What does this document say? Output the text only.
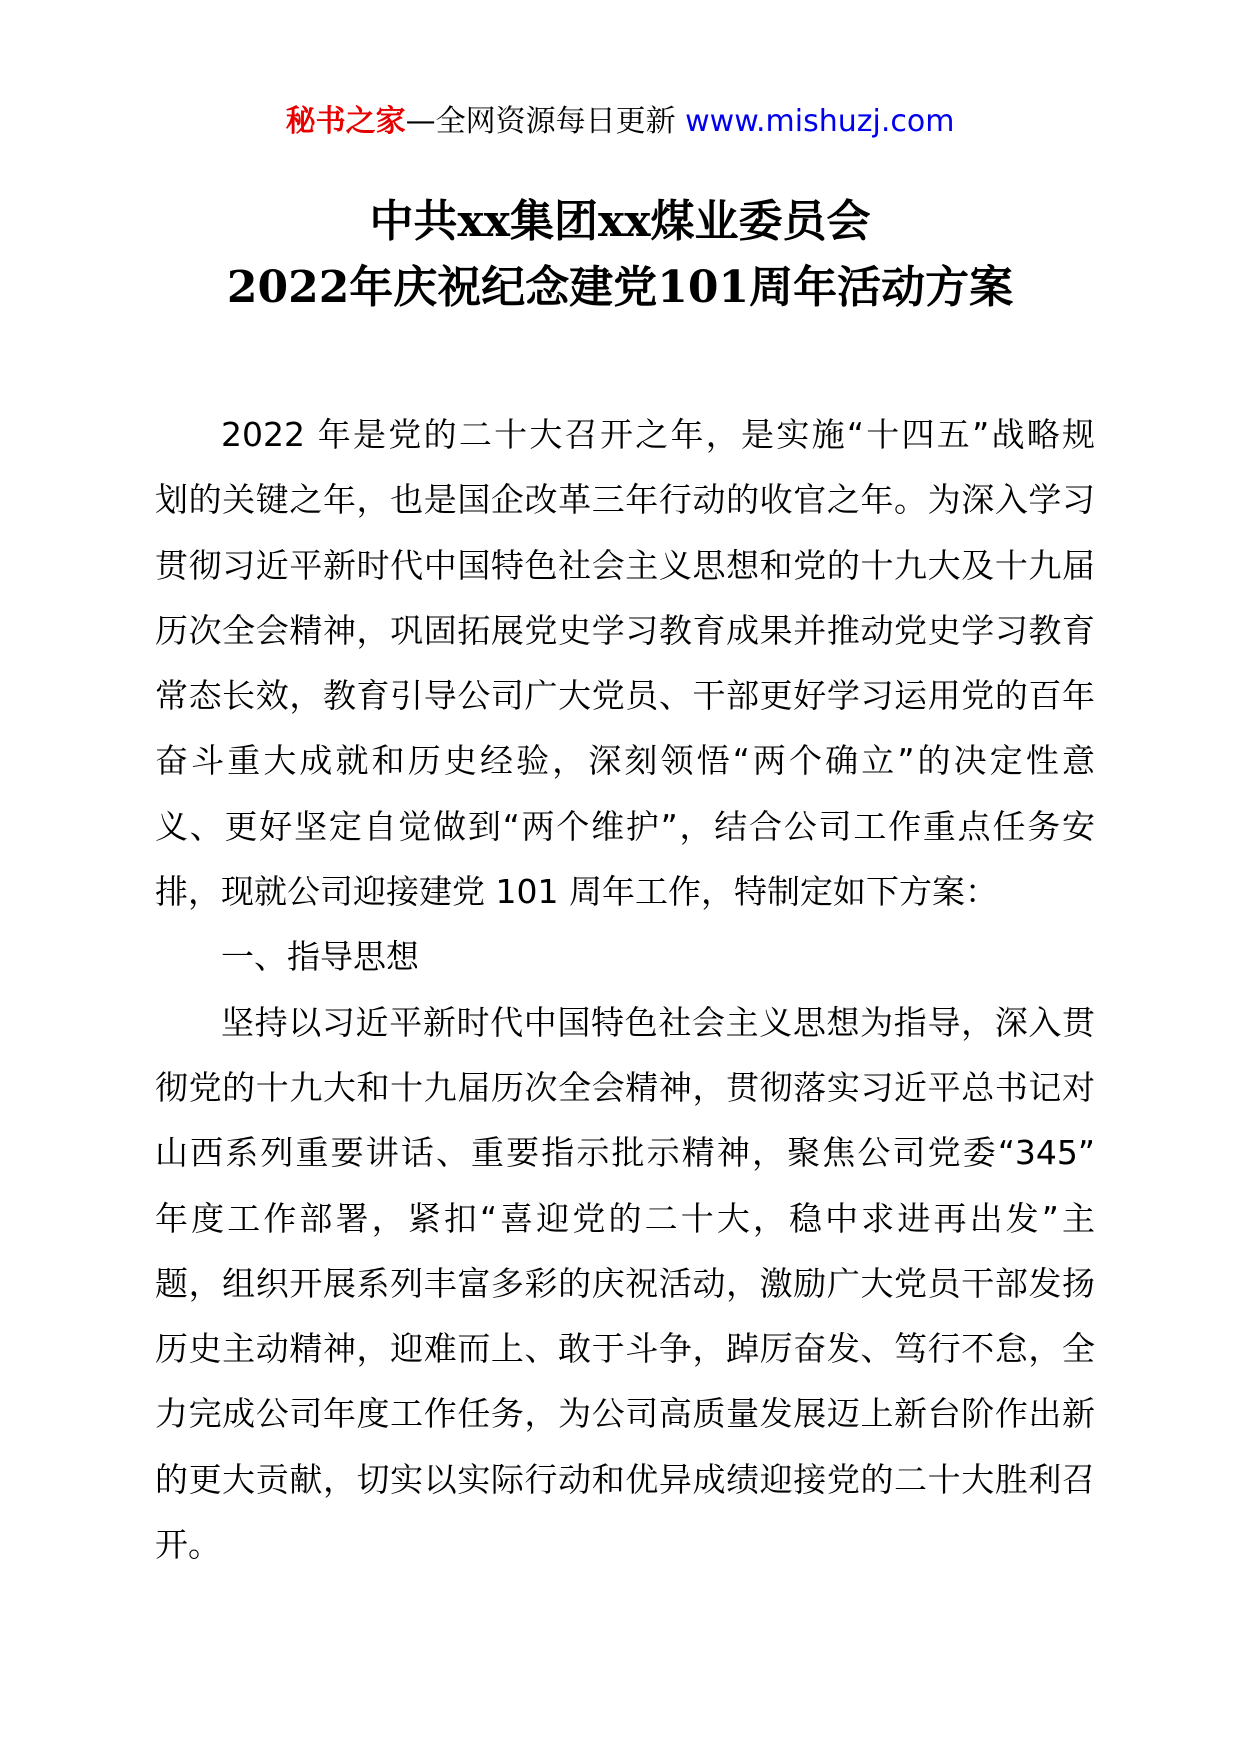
秘书之家—全网资源每日更新 www.mishuzj.com
中共xx集团xx煤业委员会
2022年庆祝纪念建党101周年活动方案
2022 年是党的二十大召开之年，是实施“十四五”战略规
划的关键之年，也是国企改革三年行动的收官之年。为深入学习
贯彻习近平新时代中国特色社会主义思想和党的十九大及十九届
历次全会精神，巩固拓展党史学习教育成果并推动党史学习教育
常态长效，教育引导公司广大党员、干部更好学习运用党的百年
奋斗重大成就和历史经验，深刻领悟“两个确立”的决定性意
义、更好坚定自觉做到“两个维护”，结合公司工作重点任务安
排，现就公司迎接建党 101 周年工作，特制定如下方案：
一、指导思想
坚持以习近平新时代中国特色社会主义思想为指导，深入贯
彻党的十九大和十九届历次全会精神，贯彻落实习近平总书记对
山西系列重要讲话、重要指示批示精神，聚焦公司党委“345”
年度工作部署，紧扣“喜迎党的二十大，稳中求进再出发”主
题，组织开展系列丰富多彩的庆祝活动，激励广大党员干部发扬
历史主动精神，迎难而上、敢于斗争，踔厉奋发、笃行不怠，全
力完成公司年度工作任务，为公司高质量发展迈上新台阶作出新
的更大贡献，切实以实际行动和优异成绩迎接党的二十大胜利召
开。
